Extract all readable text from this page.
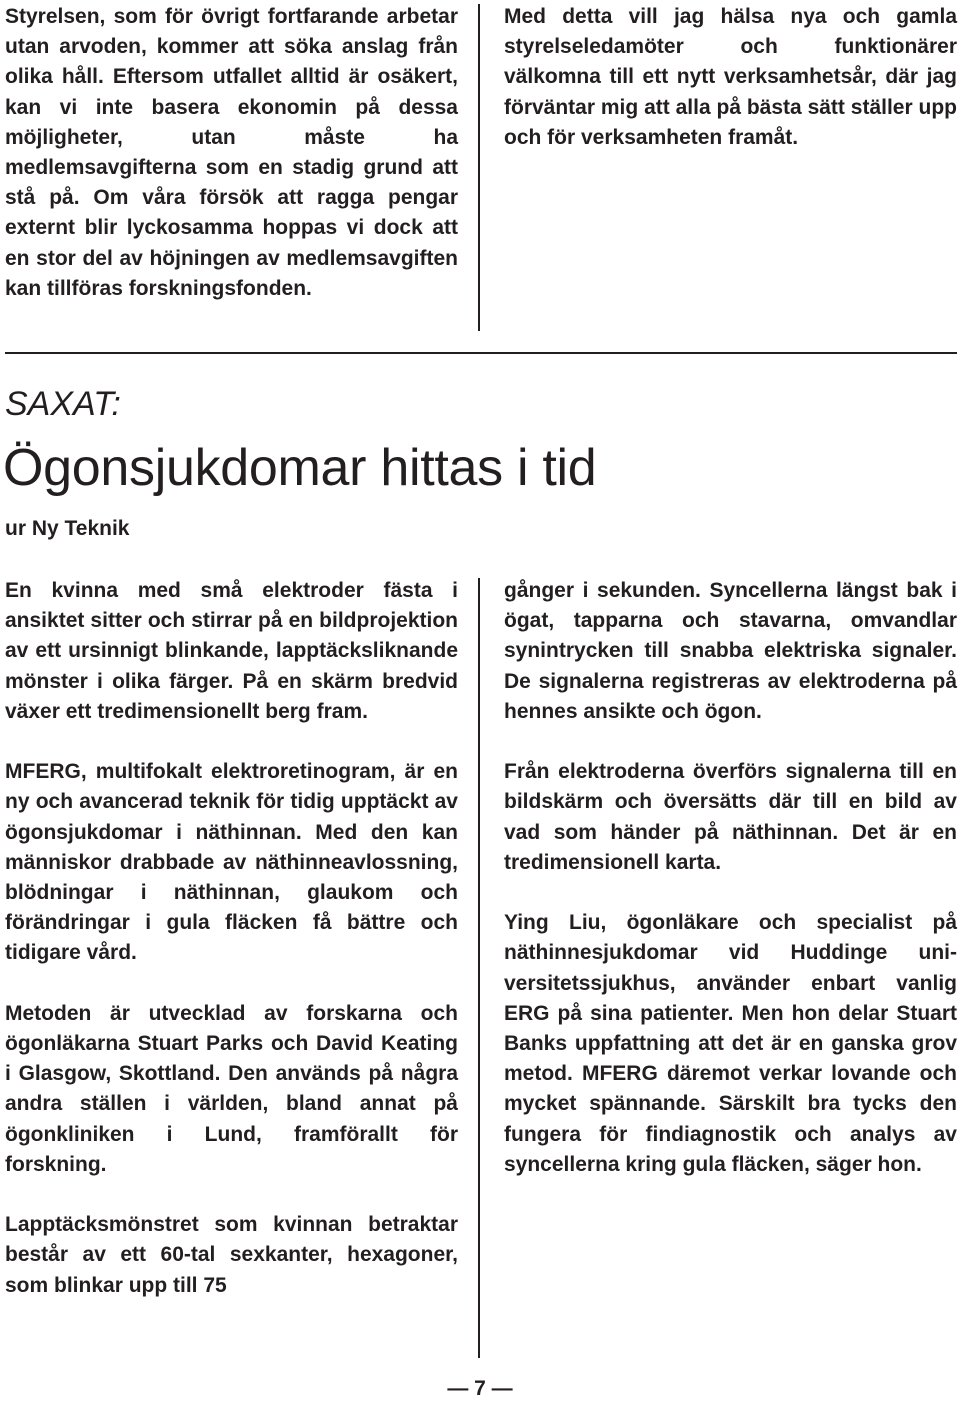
Styrelsen, som för övrigt fortfarande arbetar utan arvoden, kommer att söka anslag från olika håll. Eftersom utfallet alltid är osäkert, kan vi inte basera ekonomin på dessa möjligheter, utan måste ha medlemsavgifterna som en stadig grund att stå på. Om våra försök att ragga pengar externt blir lyckosamma hoppas vi dock att en stor del av höjningen av medlemsavgiften kan tillföras forskningsfonden.

Med detta vill jag hälsa nya och gamla styrelseledamöter och funktionärer välkomna till ett nytt verksamhetsår, där jag förväntar mig att alla på bästa sätt ställer upp och för verksamheten framåt.

SAXAT:
Ögonsjukdomar hittas i tid
ur Ny Teknik

En kvinna med små elektroder fästa i ansiktet sitter och stirrar på en bildprojektion av ett ursinnigt blinkande, lapptäcksliknande mönster i olika färger. På en skärm bredvid växer ett tredimensionellt berg fram.

MFERG, multifokalt elektroretinogram, är en ny och avancerad teknik för tidig upptäckt av ögonsjukdomar i näthinnan. Med den kan människor drabbade av näthinneavlossning, blödningar i näthinnan, glaukom och förändringar i gula fläcken få bättre och tidigare vård.

Metoden är utvecklad av forskarna och ögonläkarna Stuart Parks och David Keating i Glasgow, Skottland. Den används på några andra ställen i världen, bland annat på ögonkliniken i Lund, framförallt för forskning.

Lapptäcksmönstret som kvinnan betraktar består av ett 60-tal sexkanter, hexagoner, som blinkar upp till 75

gånger i sekunden. Syncellerna längst bak i ögat, tapparna och stavarna, omvandlar synintrycken till snabba elektriska signaler. De signalerna registreras av elektroderna på hennes ansikte och ögon.

Från elektroderna överförs signalerna till en bildskärm och översätts där till en bild av vad som händer på näthinnan. Det är en tredimensionell karta.

Ying Liu, ögonläkare och specialist på näthinnesjukdomar vid Huddinge universitetssjukhus, använder enbart vanlig ERG på sina patienter. Men hon delar Stuart Banks uppfattning att det är en ganska grov metod. MFERG däremot verkar lovande och mycket spännande. Särskilt bra tycks den fungera för findiagnostik och analys av syncellerna kring gula fläcken, säger hon.

— 7 —
